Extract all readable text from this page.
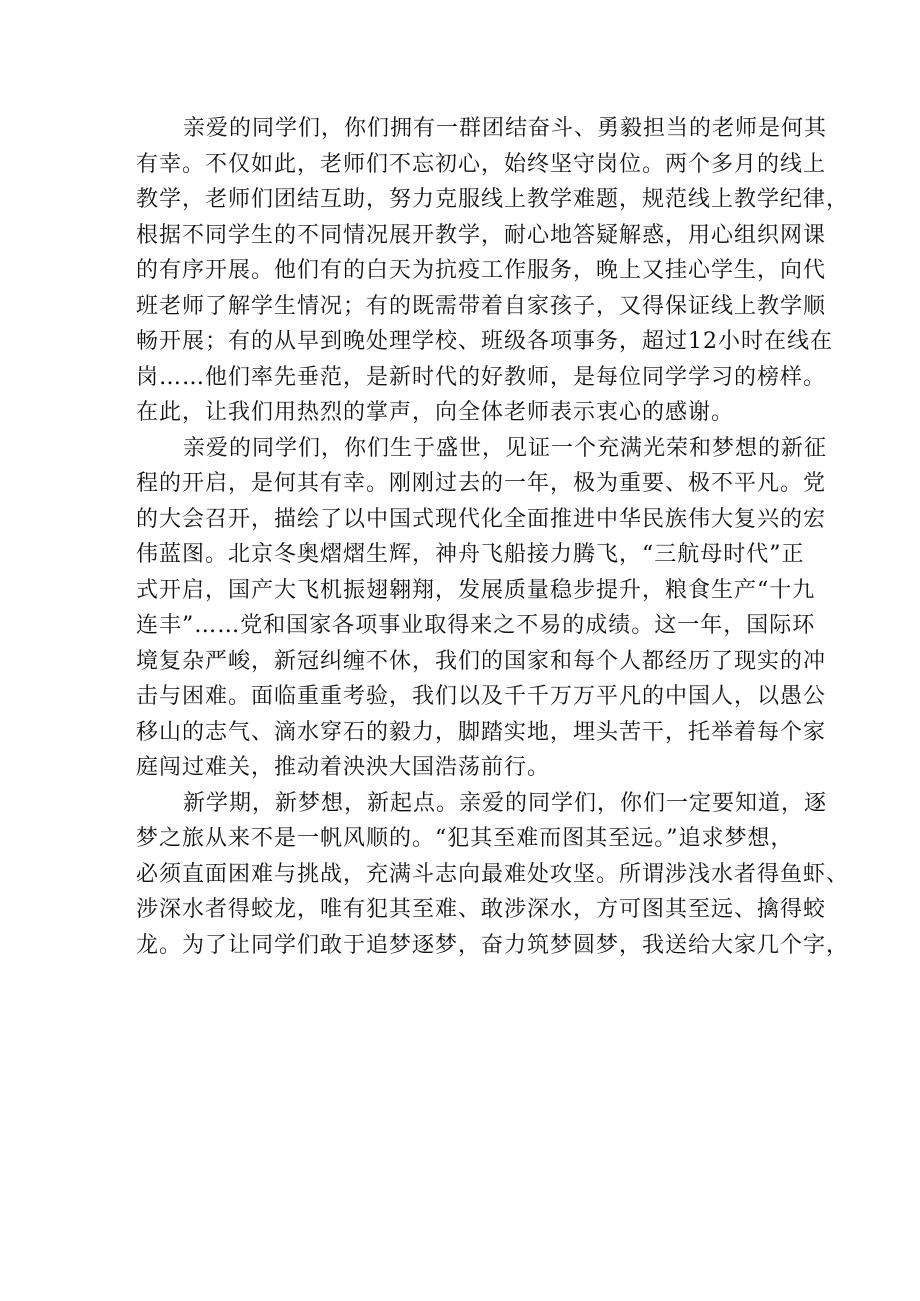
亲爱的同学们，你们拥有一群团结奋斗、勇毅担当的老师是何其
有幸。不仅如此，老师们不忘初心，始终坚守岗位。两个多月的线上
教学，老师们团结互助，努力克服线上教学难题，规范线上教学纪律，
根据不同学生的不同情况展开教学，耐心地答疑解惑，用心组织网课
的有序开展。他们有的白天为抗疫工作服务，晚上又挂心学生，向代
班老师了解学生情况；有的既需带着自家孩子，又得保证线上教学顺
畅开展；有的从早到晚处理学校、班级各项事务，超过12小时在线在
岗……他们率先垂范，是新时代的好教师，是每位同学学习的榜样。
在此，让我们用热烈的掌声，向全体老师表示衷心的感谢。
亲爱的同学们，你们生于盛世，见证一个充满光荣和梦想的新征
程的开启，是何其有幸。刚刚过去的一年，极为重要、极不平凡。党
的大会召开，描绘了以中国式现代化全面推进中华民族伟大复兴的宏
伟蓝图。北京冬奥熠熠生辉，神舟飞船接力腾飞，“三航母时代”正
式开启，国产大飞机振翅翱翔，发展质量稳步提升，粮食生产“十九
连丰”……党和国家各项事业取得来之不易的成绩。这一年，国际环
境复杂严峻，新冠纠缠不休，我们的国家和每个人都经历了现实的冲
击与困难。面临重重考验，我们以及千千万万平凡的中国人，以愚公
移山的志气、滴水穿石的毅力，脚踏实地，埋头苦干，托举着每个家
庭闯过难关，推动着泱泱大国浩荡前行。
新学期，新梦想，新起点。亲爱的同学们，你们一定要知道，逐
梦之旅从来不是一帆风顺的。“犯其至难而图其至远。”追求梦想，
必须直面困难与挑战，充满斗志向最难处攻坚。所谓涉浅水者得鱼虾、
涉深水者得蛟龙，唯有犯其至难、敢涉深水，方可图其至远、擒得蛟
龙。为了让同学们敢于追梦逐梦，奋力筑梦圆梦，我送给大家几个字，
